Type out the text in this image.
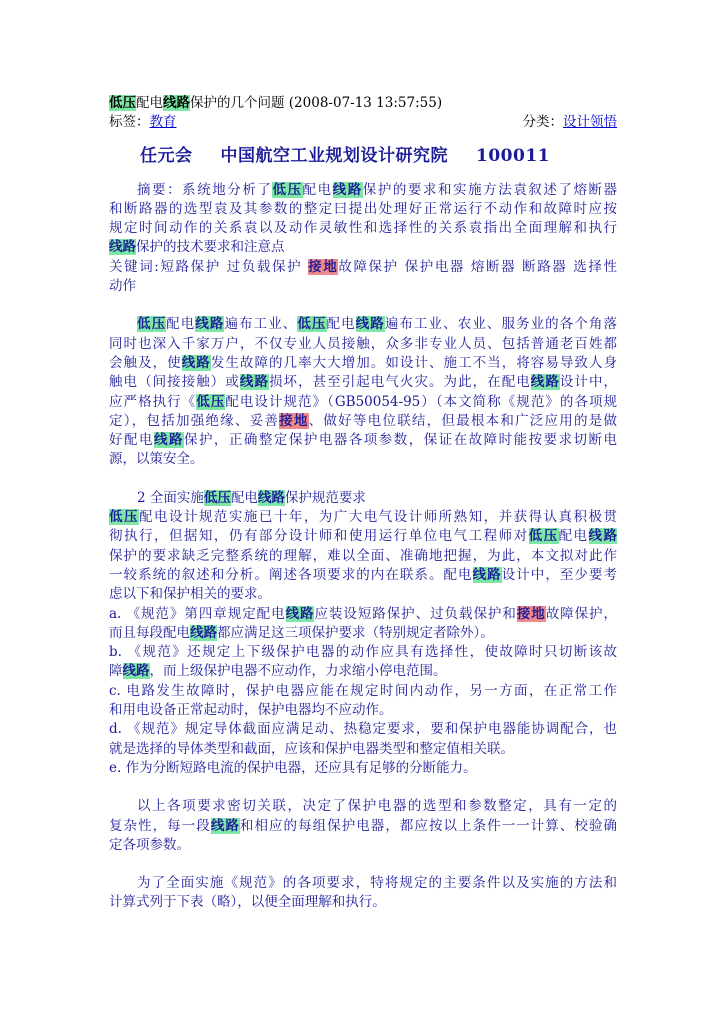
低压配电线路保护的几个问题 (2008-07-13 13:57:55)
标签：教育	分类：设计领悟
任元会 中国航空工业规划设计研究院 100011
摘要：系统地分析了低压配电线路保护的要求和实施方法袁叙述了熔断器
和断路器的选型袁及其参数的整定曰提出处理好正常运行不动作和故障时应按
规定时间动作的关系袁以及动作灵敏性和选择性的关系袁指出全面理解和执行
线路保护的技术要求和注意点
关键词:短路保护 过负载保护 接地故障保护 保护电器 熔断器 断路器 选择性
动作
低压配电线路遍布工业、低压配电线路遍布工业、农业、服务业的各个角落
同时也深入千家万户，不仅专业人员接触，众多非专业人员、包括普通老百姓都
会触及，使线路发生故障的几率大大增加。如设计、施工不当，将容易导致人身
触电（间接接触）或线路损坏，甚至引起电气火灾。为此，在配电线路设计中，
应严格执行《低压配电设计规范》（GB50054-95）（本文简称《规范》的各项规
定），包括加强绝缘、妥善接地、做好等电位联结，但最根本和广泛应用的是做
好配电线路保护，正确整定保护电器各项参数，保证在故障时能按要求切断电
源，以策安全。
2 全面实施低压配电线路保护规范要求
低压配电设计规范实施已十年，为广大电气设计师所熟知，并获得认真积极贯
彻执行，但据知，仍有部分设计师和使用运行单位电气工程师对低压配电线路
保护的要求缺乏完整系统的理解，难以全面、准确地把握，为此，本文拟对此作
一较系统的叙述和分析。阐述各项要求的内在联系。配电线路设计中，至少要考
虑以下和保护相关的要求。
a. 《规范》第四章规定配电线路应装设短路保护、过负载保护和接地故障保护，
而且每段配电线路都应满足这三项保护要求（特别规定者除外）。
b. 《规范》还规定上下级保护电器的动作应具有选择性，使故障时只切断该故
障线路，而上级保护电器不应动作，力求缩小停电范围。
c. 电路发生故障时，保护电器应能在规定时间内动作，另一方面，在正常工作
和用电设备正常起动时，保护电器均不应动作。
d. 《规范》规定导体截面应满足动、热稳定要求，要和保护电器能协调配合，也
就是选择的导体类型和截面，应该和保护电器类型和整定值相关联。
e. 作为分断短路电流的保护电器，还应具有足够的分断能力。
以上各项要求密切关联，决定了保护电器的选型和参数整定，具有一定的
复杂性，每一段线路和相应的每组保护电器，都应按以上条件一一计算、校验确
定各项参数。
为了全面实施《规范》的各项要求，特将规定的主要条件以及实施的方法和
计算式列于下表（略），以便全面理解和执行。
